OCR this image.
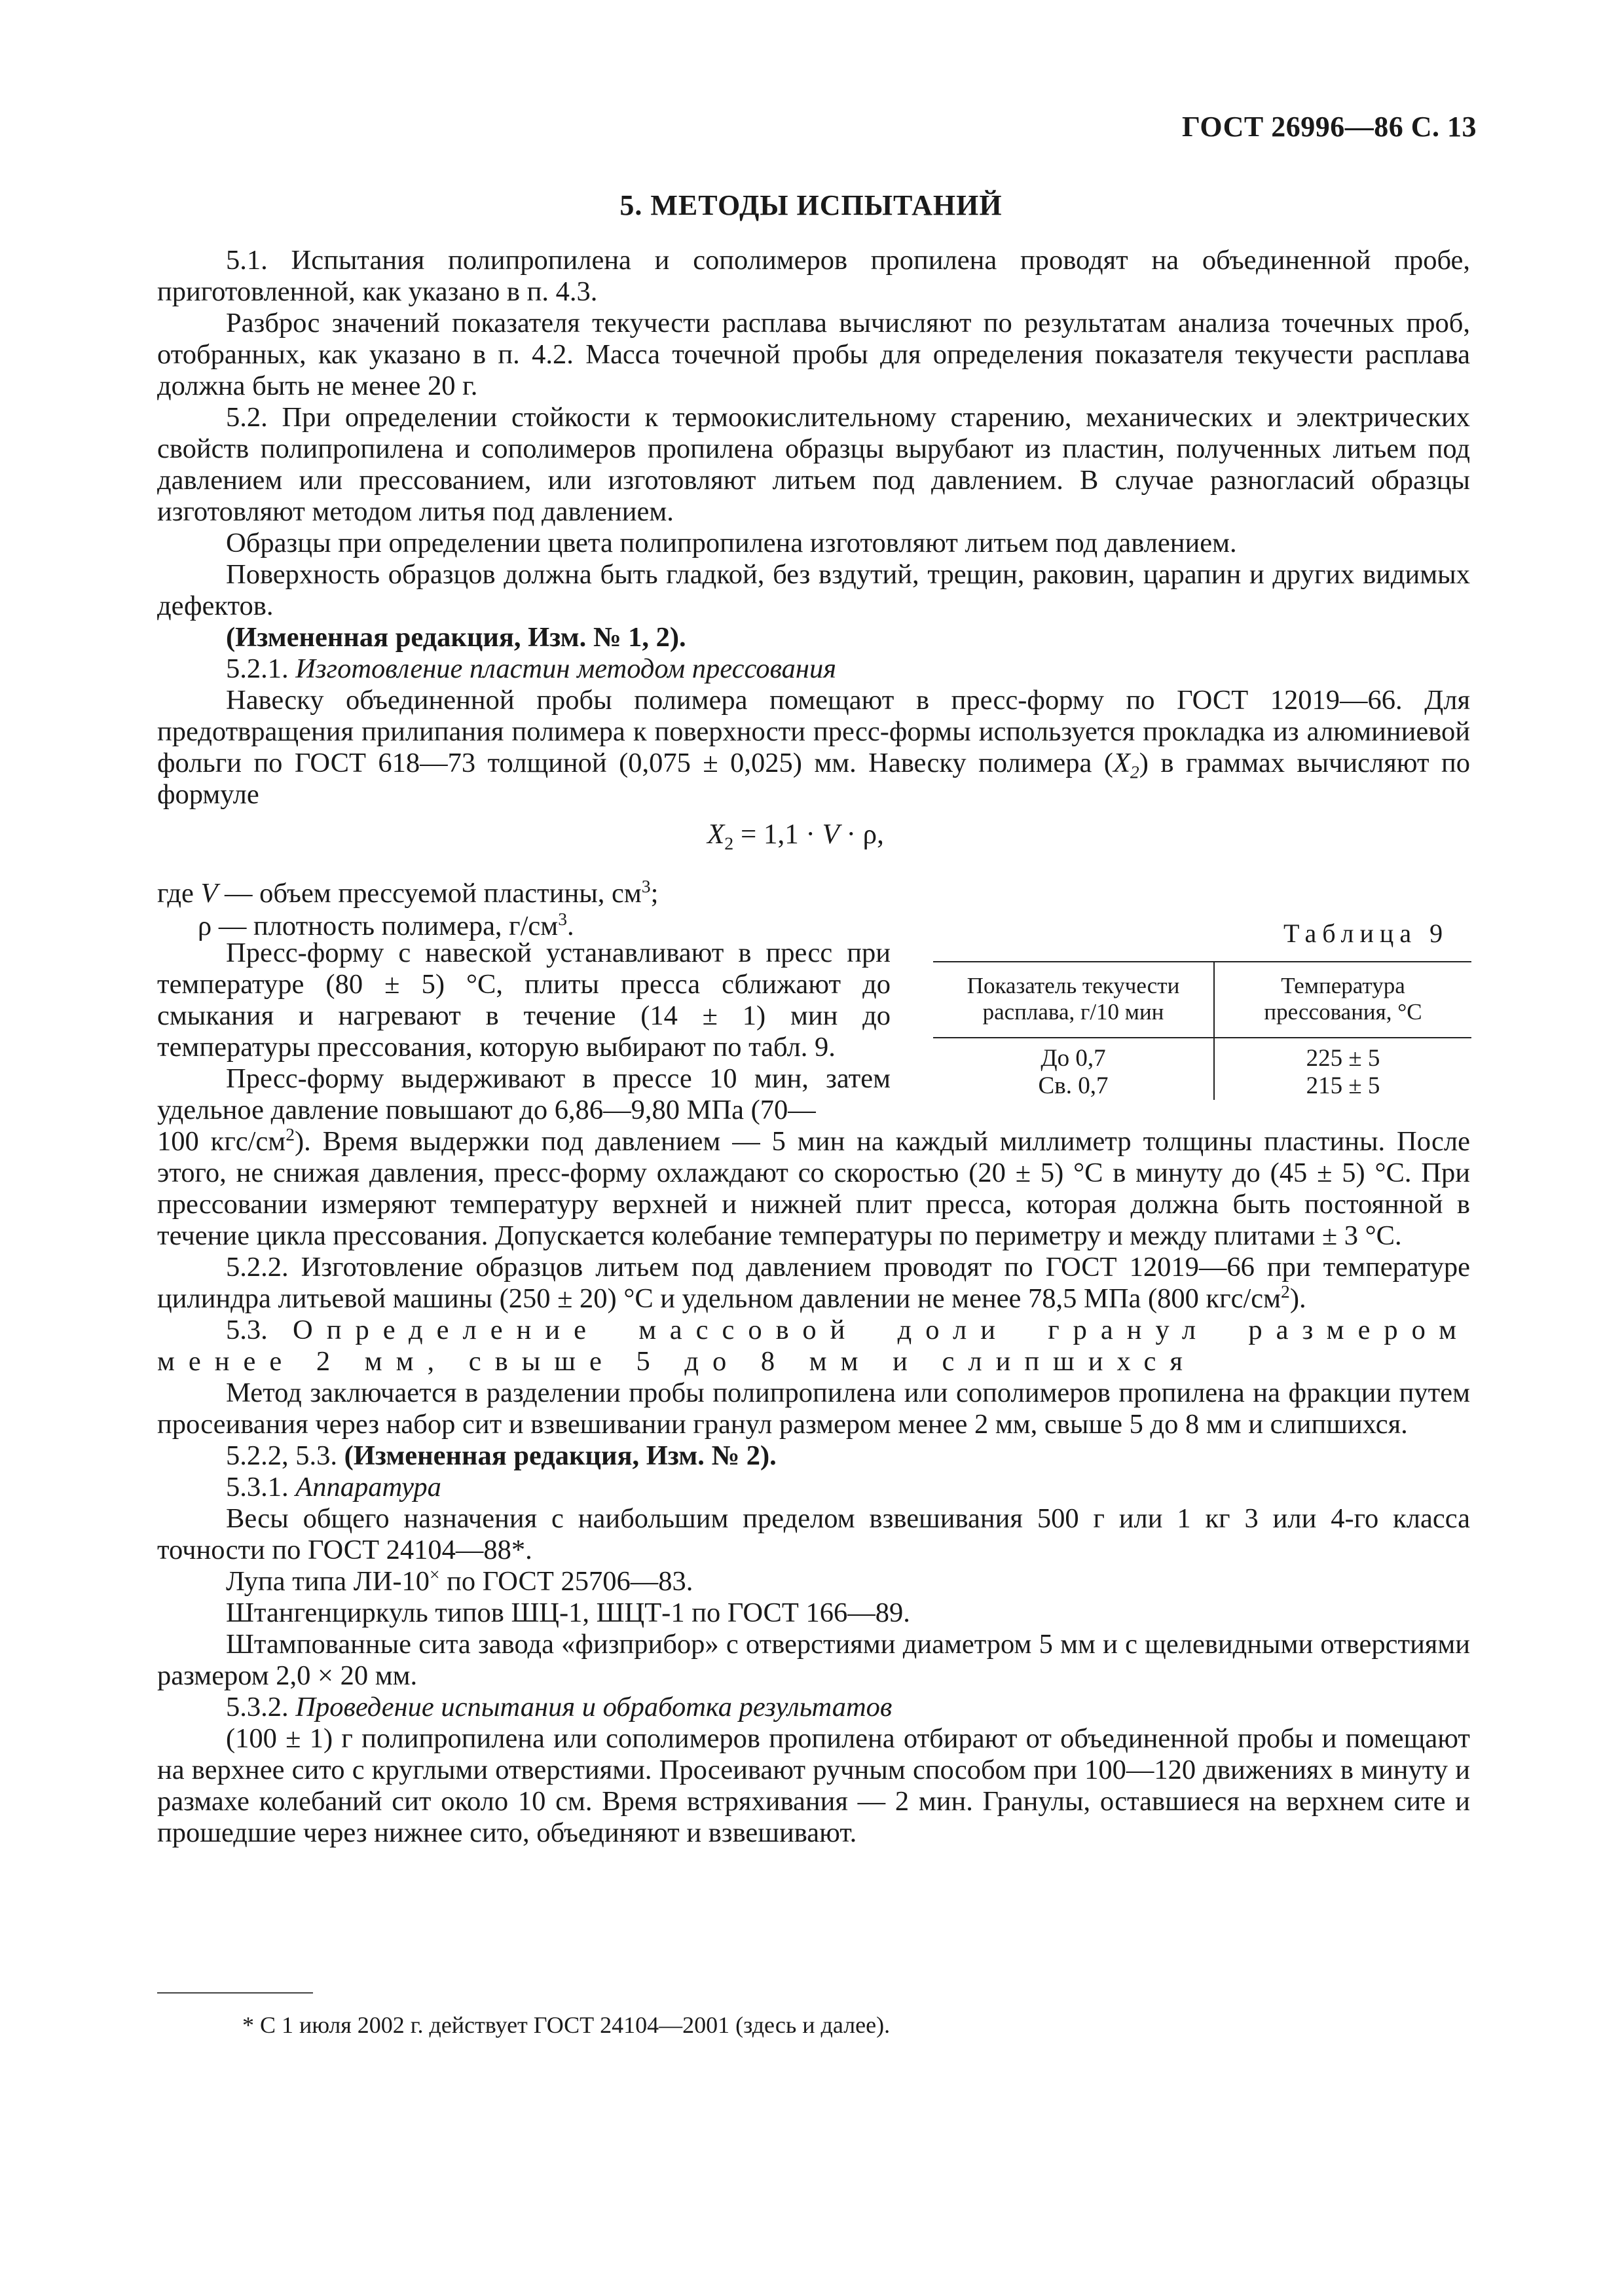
ГОСТ 26996—86 С. 13
5. МЕТОДЫ ИСПЫТАНИЙ

5.1. Испытания полипропилена и сополимеров пропилена проводят на объединенной пробе, приготовленной, как указано в п. 4.3.

Разброс значений показателя текучести расплава вычисляют по результатам анализа точечных проб, отобранных, как указано в п. 4.2. Масса точечной пробы для определения показателя текучести расплава должна быть не менее 20 г.

5.2. При определении стойкости к термоокислительному старению, механических и электрических свойств полипропилена и сополимеров пропилена образцы вырубают из пластин, полученных литьем под давлением или прессованием, или изготовляют литьем под давлением. В случае разногласий образцы изготовляют методом литья под давлением.

Образцы при определении цвета полипропилена изготовляют литьем под давлением.

Поверхность образцов должна быть гладкой, без вздутий, трещин, раковин, царапин и других видимых дефектов.

(Измененная редакция, Изм. № 1, 2).

5.2.1. Изготовление пластин методом прессования

Навеску объединенной пробы полимера помещают в пресс-форму по ГОСТ 12019—66. Для предотвращения прилипания полимера к поверхности пресс-формы используется прокладка из алюминиевой фольги по ГОСТ 618—73 толщиной (0,075 ± 0,025) мм. Навеску полимера $(X_2)$ в граммах вычисляют по формуле

$X_2 = 1,1 \cdot V \cdot \rho$,
где V — объем прессуемой пластины, $см^3$;
ρ — плотность полимера, $г/см^3$.

Пресс-форму с навеской устанавливают в пресс при температуре (80 ± 5) °С, плиты пресса сближают до смыкания и нагревают в течение (14 ± 1) мин до температуры прессования, которую выбирают по табл. 9.

Пресс-форму выдерживают в прессе 10 мин, затем удельное давление повышают до 6,86—9,80 МПа (70—

Таблица 9
Показатель текучести расплава, г/10 мин	Температура прессования, °С
До 0,7	225 ± 5
Св. 0,7	215 ± 5

100 кгс/$см^2$). Время выдержки под давлением — 5 мин на каждый миллиметр толщины пластины. После этого, не снижая давления, пресс-форму охлаждают со скоростью (20 ± 5) °С в минуту до (45 ± 5) °С. При прессовании измеряют температуру верхней и нижней плит пресса, которая должна быть постоянной в течение цикла прессования. Допускается колебание температуры по периметру и между плитами ± 3 °С.

5.2.2. Изготовление образцов литьем под давлением проводят по ГОСТ 12019—66 при температуре цилиндра литьевой машины (250 ± 20) °С и удельном давлении не менее 78,5 МПа (800 кгс/$см^2$).

5.3. Определение массовой доли гранул размером менее 2 мм, свыше 5 до 8 мм и слипшихся

Метод заключается в разделении пробы полипропилена или сополимеров пропилена на фракции путем просеивания через набор сит и взвешивании гранул размером менее 2 мм, свыше 5 до 8 мм и слипшихся.

5.2.2, 5.3. (Измененная редакция, Изм. № 2).

5.3.1. Аппаратура

Весы общего назначения с наибольшим пределом взвешивания 500 г или 1 кг 3 или 4-го класса точности по ГОСТ 24104—88*.

Лупа типа ЛИ-10× по ГОСТ 25706—83.

Штангенциркуль типов ШЦ-1, ШЦТ-1 по ГОСТ 166—89.

Штампованные сита завода «физприбор» с отверстиями диаметром 5 мм и с щелевидными отверстиями размером 2,0 × 20 мм.

5.3.2. Проведение испытания и обработка результатов

(100 ± 1) г полипропилена или сополимеров пропилена отбирают от объединенной пробы и помещают на верхнее сито с круглыми отверстиями. Просеивают ручным способом при 100—120 движениях в минуту и размахе колебаний сит около 10 см. Время встряхивания — 2 мин. Гранулы, оставшиеся на верхнем сите и прошедшие через нижнее сито, объединяют и взвешивают.

* С 1 июля 2002 г. действует ГОСТ 24104—2001 (здесь и далее).
